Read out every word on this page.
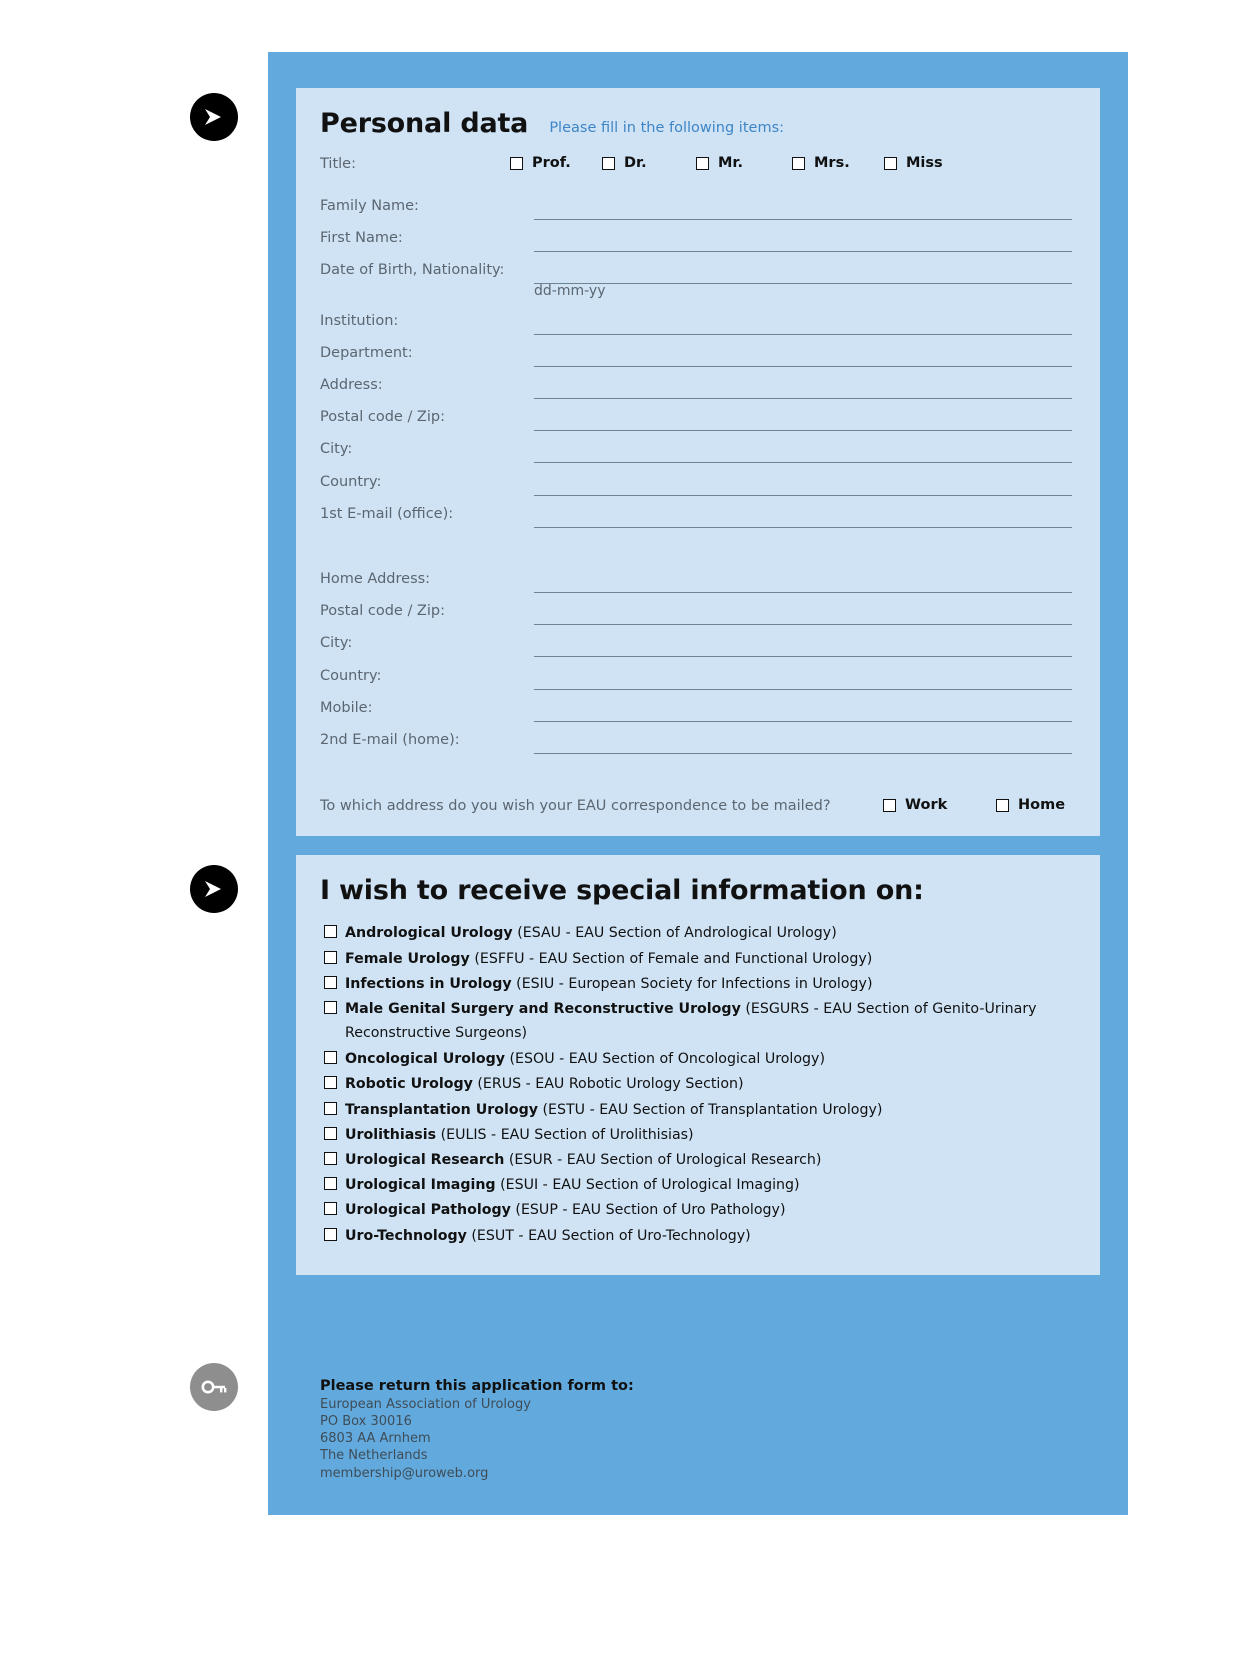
Personal data Please fill in the following items:
Title:	Prof.	Dr.	Mr.	Mrs.	Miss
Family Name:
First Name:
Date of Birth, Nationality:
dd-mm-yy
Institution:
Department:
Address:
Postal code / Zip:
City:
Country:
1st E-mail (office):
Home Address:
Postal code / Zip:
City:
Country:
Mobile:
2nd E-mail (home):
To which address do you wish your EAU correspondence to be mailed?	Work	Home
I wish to receive special information on:
Andrological Urology (ESAU - EAU Section of Andrological Urology)
Female Urology (ESFFU - EAU Section of Female and Functional Urology)
Infections in Urology (ESIU - European Society for Infections in Urology)
Male Genital Surgery and Reconstructive Urology (ESGURS - EAU Section of Genito-Urinary Reconstructive Surgeons)
Oncological Urology (ESOU - EAU Section of Oncological Urology)
Robotic Urology (ERUS - EAU Robotic Urology Section)
Transplantation Urology (ESTU - EAU Section of Transplantation Urology)
Urolithiasis (EULIS - EAU Section of Urolithisias)
Urological Research (ESUR - EAU Section of Urological Research)
Urological Imaging (ESUI - EAU Section of Urological Imaging)
Urological Pathology (ESUP - EAU Section of Uro Pathology)
Uro-Technology (ESUT - EAU Section of Uro-Technology)
Please return this application form to:
European Association of Urology
PO Box 30016
6803 AA Arnhem
The Netherlands
membership@uroweb.org
